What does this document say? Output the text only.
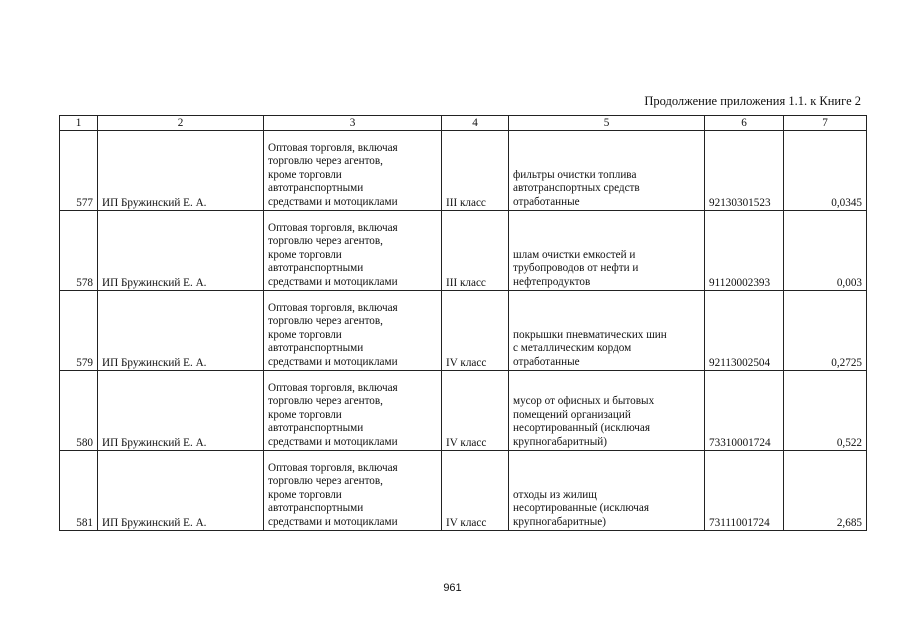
Продолжение приложения 1.1. к Книге 2
1	2	3	4	5	6	7
577	ИП Бружинский Е. А.	Оптовая торговля, включая
торговлю через агентов,
кроме торговли
автотранспортными
средствами и мотоциклами	III класс	фильтры очистки топлива
автотранспортных средств
отработанные	92130301523	0,0345
578	ИП Бружинский Е. А.	Оптовая торговля, включая
торговлю через агентов,
кроме торговли
автотранспортными
средствами и мотоциклами	III класс	шлам очистки емкостей и
трубопроводов от нефти и
нефтепродуктов	91120002393	0,003
579	ИП Бружинский Е. А.	Оптовая торговля, включая
торговлю через агентов,
кроме торговли
автотранспортными
средствами и мотоциклами	IV класс	покрышки пневматических шин
с металлическим кордом
отработанные	92113002504	0,2725
580	ИП Бружинский Е. А.	Оптовая торговля, включая
торговлю через агентов,
кроме торговли
автотранспортными
средствами и мотоциклами	IV класс	мусор от офисных и бытовых
помещений организаций
несортированный (исключая
крупногабаритный)	73310001724	0,522
581	ИП Бружинский Е. А.	Оптовая торговля, включая
торговлю через агентов,
кроме торговли
автотранспортными
средствами и мотоциклами	IV класс	отходы из жилищ
несортированные (исключая
крупногабаритные)	73111001724	2,685
961
